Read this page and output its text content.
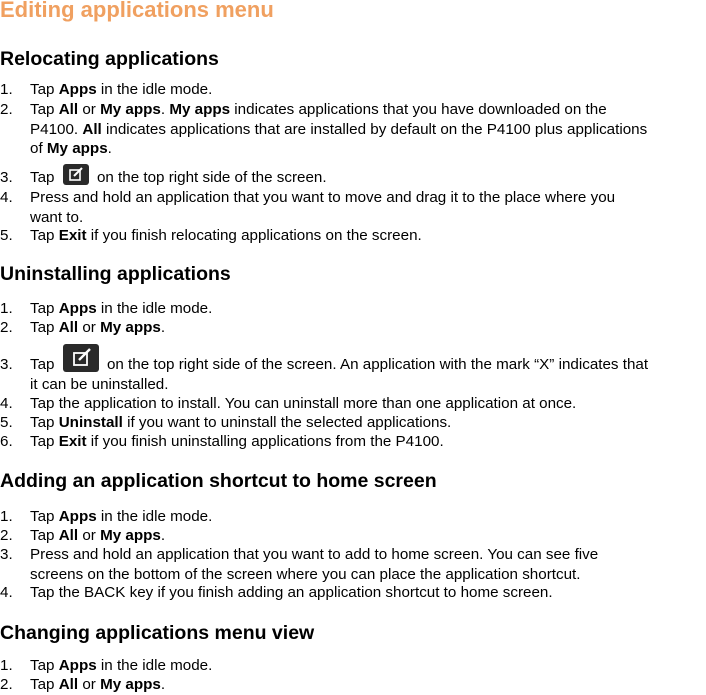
Editing applications menu
Relocating applications
1. Tap Apps in the idle mode.
2. Tap All or My apps. My apps indicates applications that you have downloaded on the
P4100. All indicates applications that are installed by default on the P4100 plus applications
of My apps.
3. Tap
on the top right side of the screen.
4. Press and hold an application that you want to move and drag it to the place where you
want to.
5. Tap Exit if you finish relocating applications on the screen.
Uninstalling applications
1. Tap Apps in the idle mode.
2. Tap All or My apps.
3. Tap	on the top right side of the screen. An application with the mark “X” indicates that
it can be uninstalled.
4. Tap the application to install. You can uninstall more than one application at once.
5. Tap Uninstall if you want to uninstall the selected applications.
6. Tap Exit if you finish uninstalling applications from the P4100.
Adding an application shortcut to home screen
1. Tap Apps in the idle mode.
2. Tap All or My apps.
3. Press and hold an application that you want to add to home screen. You can see five
screens on the bottom of the screen where you can place the application shortcut.
4. Tap the BACK key if you finish adding an application shortcut to home screen.
Changing applications menu view
1. Tap Apps in the idle mode.
2. Tap All or My apps.
